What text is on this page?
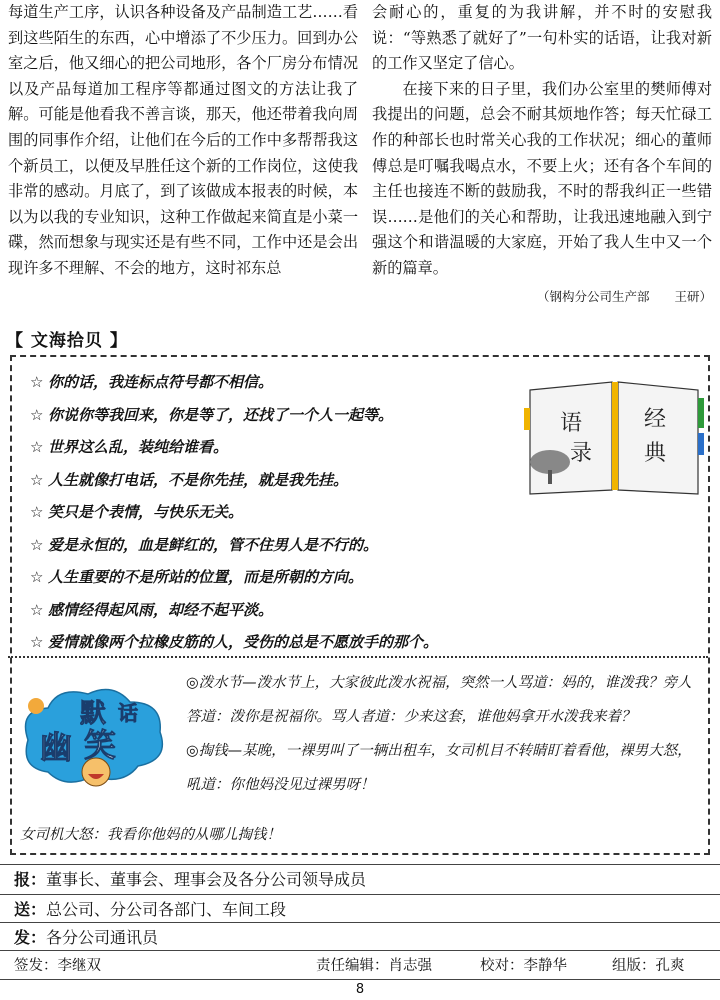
每道生产工序，认识各种设备及产品制造工艺……看到这些陌生的东西，心中增添了不少压力。回到办公室之后，他又细心的把公司地形，各个厂房分布情况以及产品每道加工程序等都通过图文的方法让我了解。可能是他看我不善言谈，那天，他还带着我向周围的同事作介绍，让他们在今后的工作中多帮帮我这个新员工，以便及早胜任这个新的工作岗位，这使我非常的感动。月底了，到了该做成本报表的时候，本以为以我的专业知识，这种工作做起来简直是小菜一碟，然而想象与现实还是有些不同，工作中还是会出现许多不理解、不会的地方，这时祁东总

会耐心的，重复的为我讲解，并不时的安慰我说：“等熟悉了就好了”一句朴实的话语，让我对新的工作又坚定了信心。

在接下来的日子里，我们办公室里的樊师傅对我提出的问题，总会不耐其烦地作答；每天忙碌工作的种部长也时常关心我的工作状况；细心的董师傅总是叮嘱我喝点水，不要上火；还有各个车间的主任也接连不断的鼓励我，不时的帮我纠正一些错误……是他们的关心和帮助，让我迅速地融入到宁强这个和谐温暖的大家庭，开始了我人生中又一个新的篇章。

（钢构分公司生产部　　王研）

【 文海拾贝 】
☆ 你的话，我连标点符号都不相信。
☆ 你说你等我回来，你是等了，还找了一个人一起等。
☆ 世界这么乱，装纯给谁看。
☆ 人生就像打电话，不是你先挂，就是我先挂。
☆ 笑只是个表情，与快乐无关。
☆ 爱是永恒的，血是鲜红的，管不住男人是不行的。
☆ 人生重要的不是所站的位置，而是所朝的方向。
☆ 感情经得起风雨，却经不起平淡。
☆ 爱情就像两个拉橡皮筋的人，受伤的总是不愿放手的那个。
语
录
经
典
默 话
幽 笑

◎泼水节—泼水节上，大家彼此泼水祝福，突然一人骂道：妈的，谁泼我？旁人答道：泼你是祝福你。骂人者道：少来这套，谁他妈拿开水泼我来着？

◎掏钱—某晚，一裸男叫了一辆出租车，女司机目不转睛盯着看他，裸男大怒，吼道：你他妈没见过裸男呀！

女司机大怒：我看你他妈的从哪儿掏钱！
报：董事长、董事会、理事会及各分公司领导成员
送：总公司、分公司各部门、车间工段
发：各分公司通讯员
签发：李继双	责任编辑：肖志强	校对：李静华	组版：孔爽
8
